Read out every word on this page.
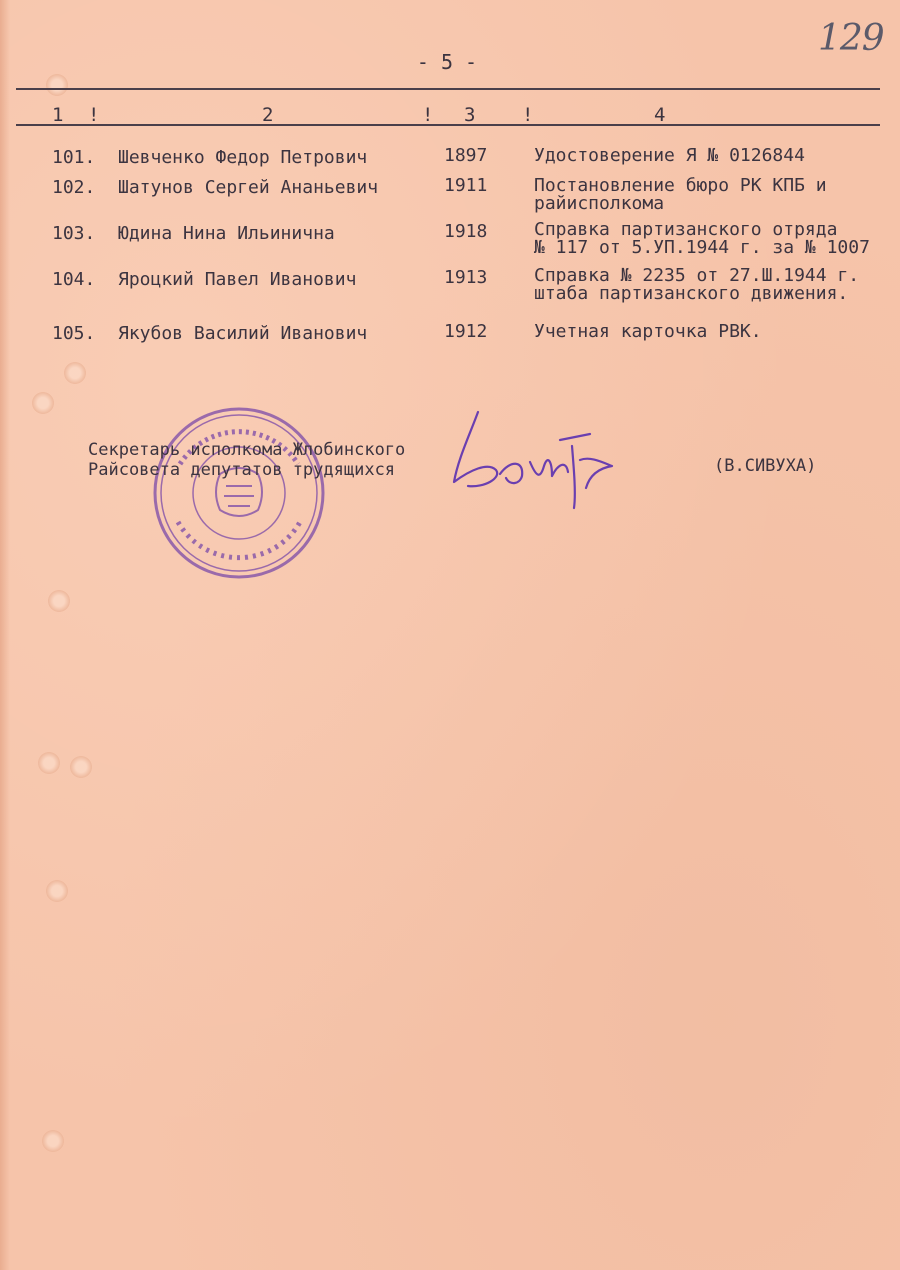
129
- 5 -
1 !	2	! 3 !	4
101. Шевченко Федор Петрович	1897	Удостоверение Я № 0126844
102. Шатунов Сергей Ананьевич	1911	Постановление бюро РК КПБ и
райисполкома
103. Юдина Нина Ильинична	1918	Справка партизанского отряда
№ 117 от 5.УП.1944 г. за № 1007
104. Яроцкий Павел Иванович	1913	Справка № 2235 от 27.Ш.1944 г.
штаба партизанского движения.
105. Якубов Василий Иванович	1912	Учетная карточка РВК.
Секретарь исполкома Жлобинского
Райсовета депутатов трудящихся	(В.СИВУХА)
